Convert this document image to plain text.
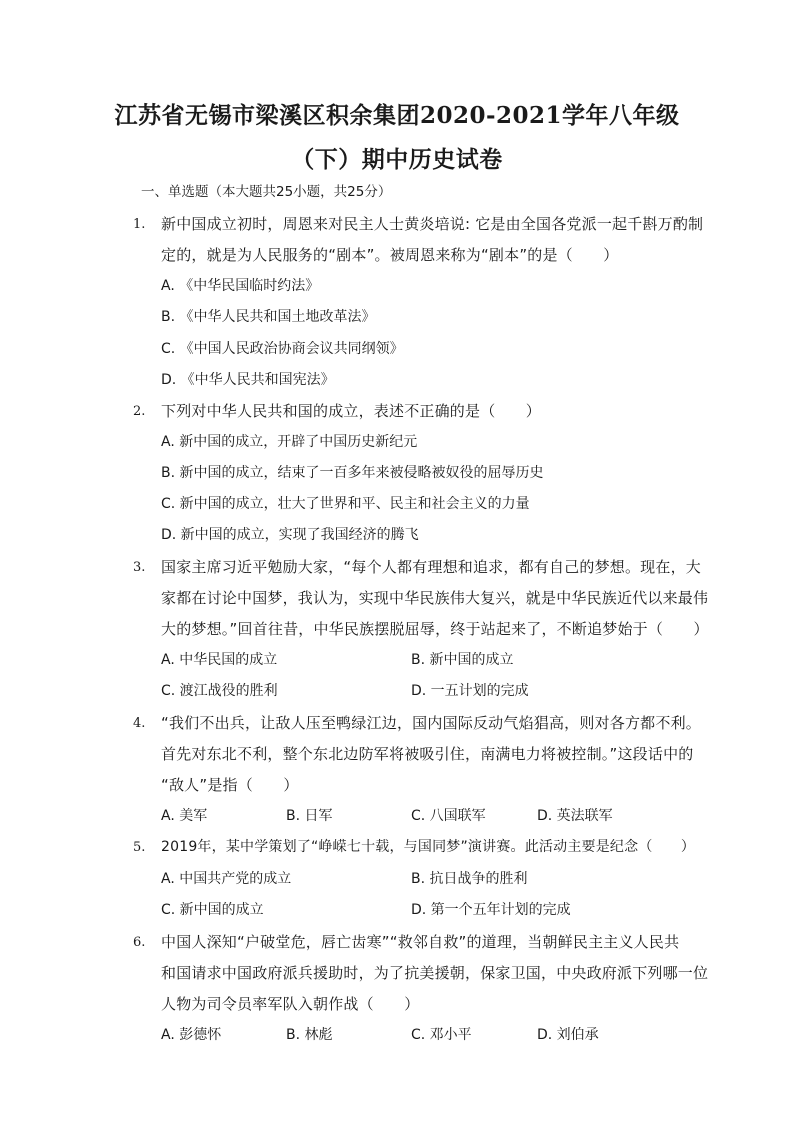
江苏省无锡市梁溪区积余集团2020-2021学年八年级
（下）期中历史试卷
一、单选题（本大题共25小题，共25分）
1. 新中国成立初时，周恩来对民主人士黄炎培说: 它是由全国各党派一起千斟万酌制
定的，就是为人民服务的“剧本”。被周恩来称为“剧本”的是（　　）
A. 《中华民国临时约法》
B. 《中华人民共和国土地改革法》
C. 《中国人民政治协商会议共同纲领》
D. 《中华人民共和国宪法》
2. 下列对中华人民共和国的成立，表述不正确的是（　　）
A. 新中国的成立，开辟了中国历史新纪元
B. 新中国的成立，结束了一百多年来被侵略被奴役的屈辱历史
C. 新中国的成立，壮大了世界和平、民主和社会主义的力量
D. 新中国的成立，实现了我国经济的腾飞
3. 国家主席习近平勉励大家，“每个人都有理想和追求，都有自己的梦想。现在，大
家都在讨论中国梦，我认为，实现中华民族伟大复兴，就是中华民族近代以来最伟
大的梦想。”回首往昔，中华民族摆脱屈辱，终于站起来了，不断追梦始于（　　）
A. 中华民国的成立	B. 新中国的成立
C. 渡江战役的胜利	D. 一五计划的完成
4. “我们不出兵，让敌人压至鸭绿江边，国内国际反动气焰猖高，则对各方都不利。
首先对东北不利，整个东北边防军将被吸引住，南满电力将被控制。”这段话中的
“敌人”是指（　　）
A. 美军	B. 日军	C. 八国联军	D. 英法联军
5. 2019年，某中学策划了“峥嵘七十载，与国同梦”演讲赛。此活动主要是纪念（　　）
A. 中国共产党的成立	B. 抗日战争的胜利
C. 新中国的成立	D. 第一个五年计划的完成
6. 中国人深知“户破堂危，唇亡齿寒”“救邻自救”的道理，当朝鲜民主主义人民共
和国请求中国政府派兵援助时，为了抗美援朝，保家卫国，中央政府派下列哪一位
人物为司令员率军队入朝作战（　　）
A. 彭德怀	B. 林彪	C. 邓小平	D. 刘伯承
